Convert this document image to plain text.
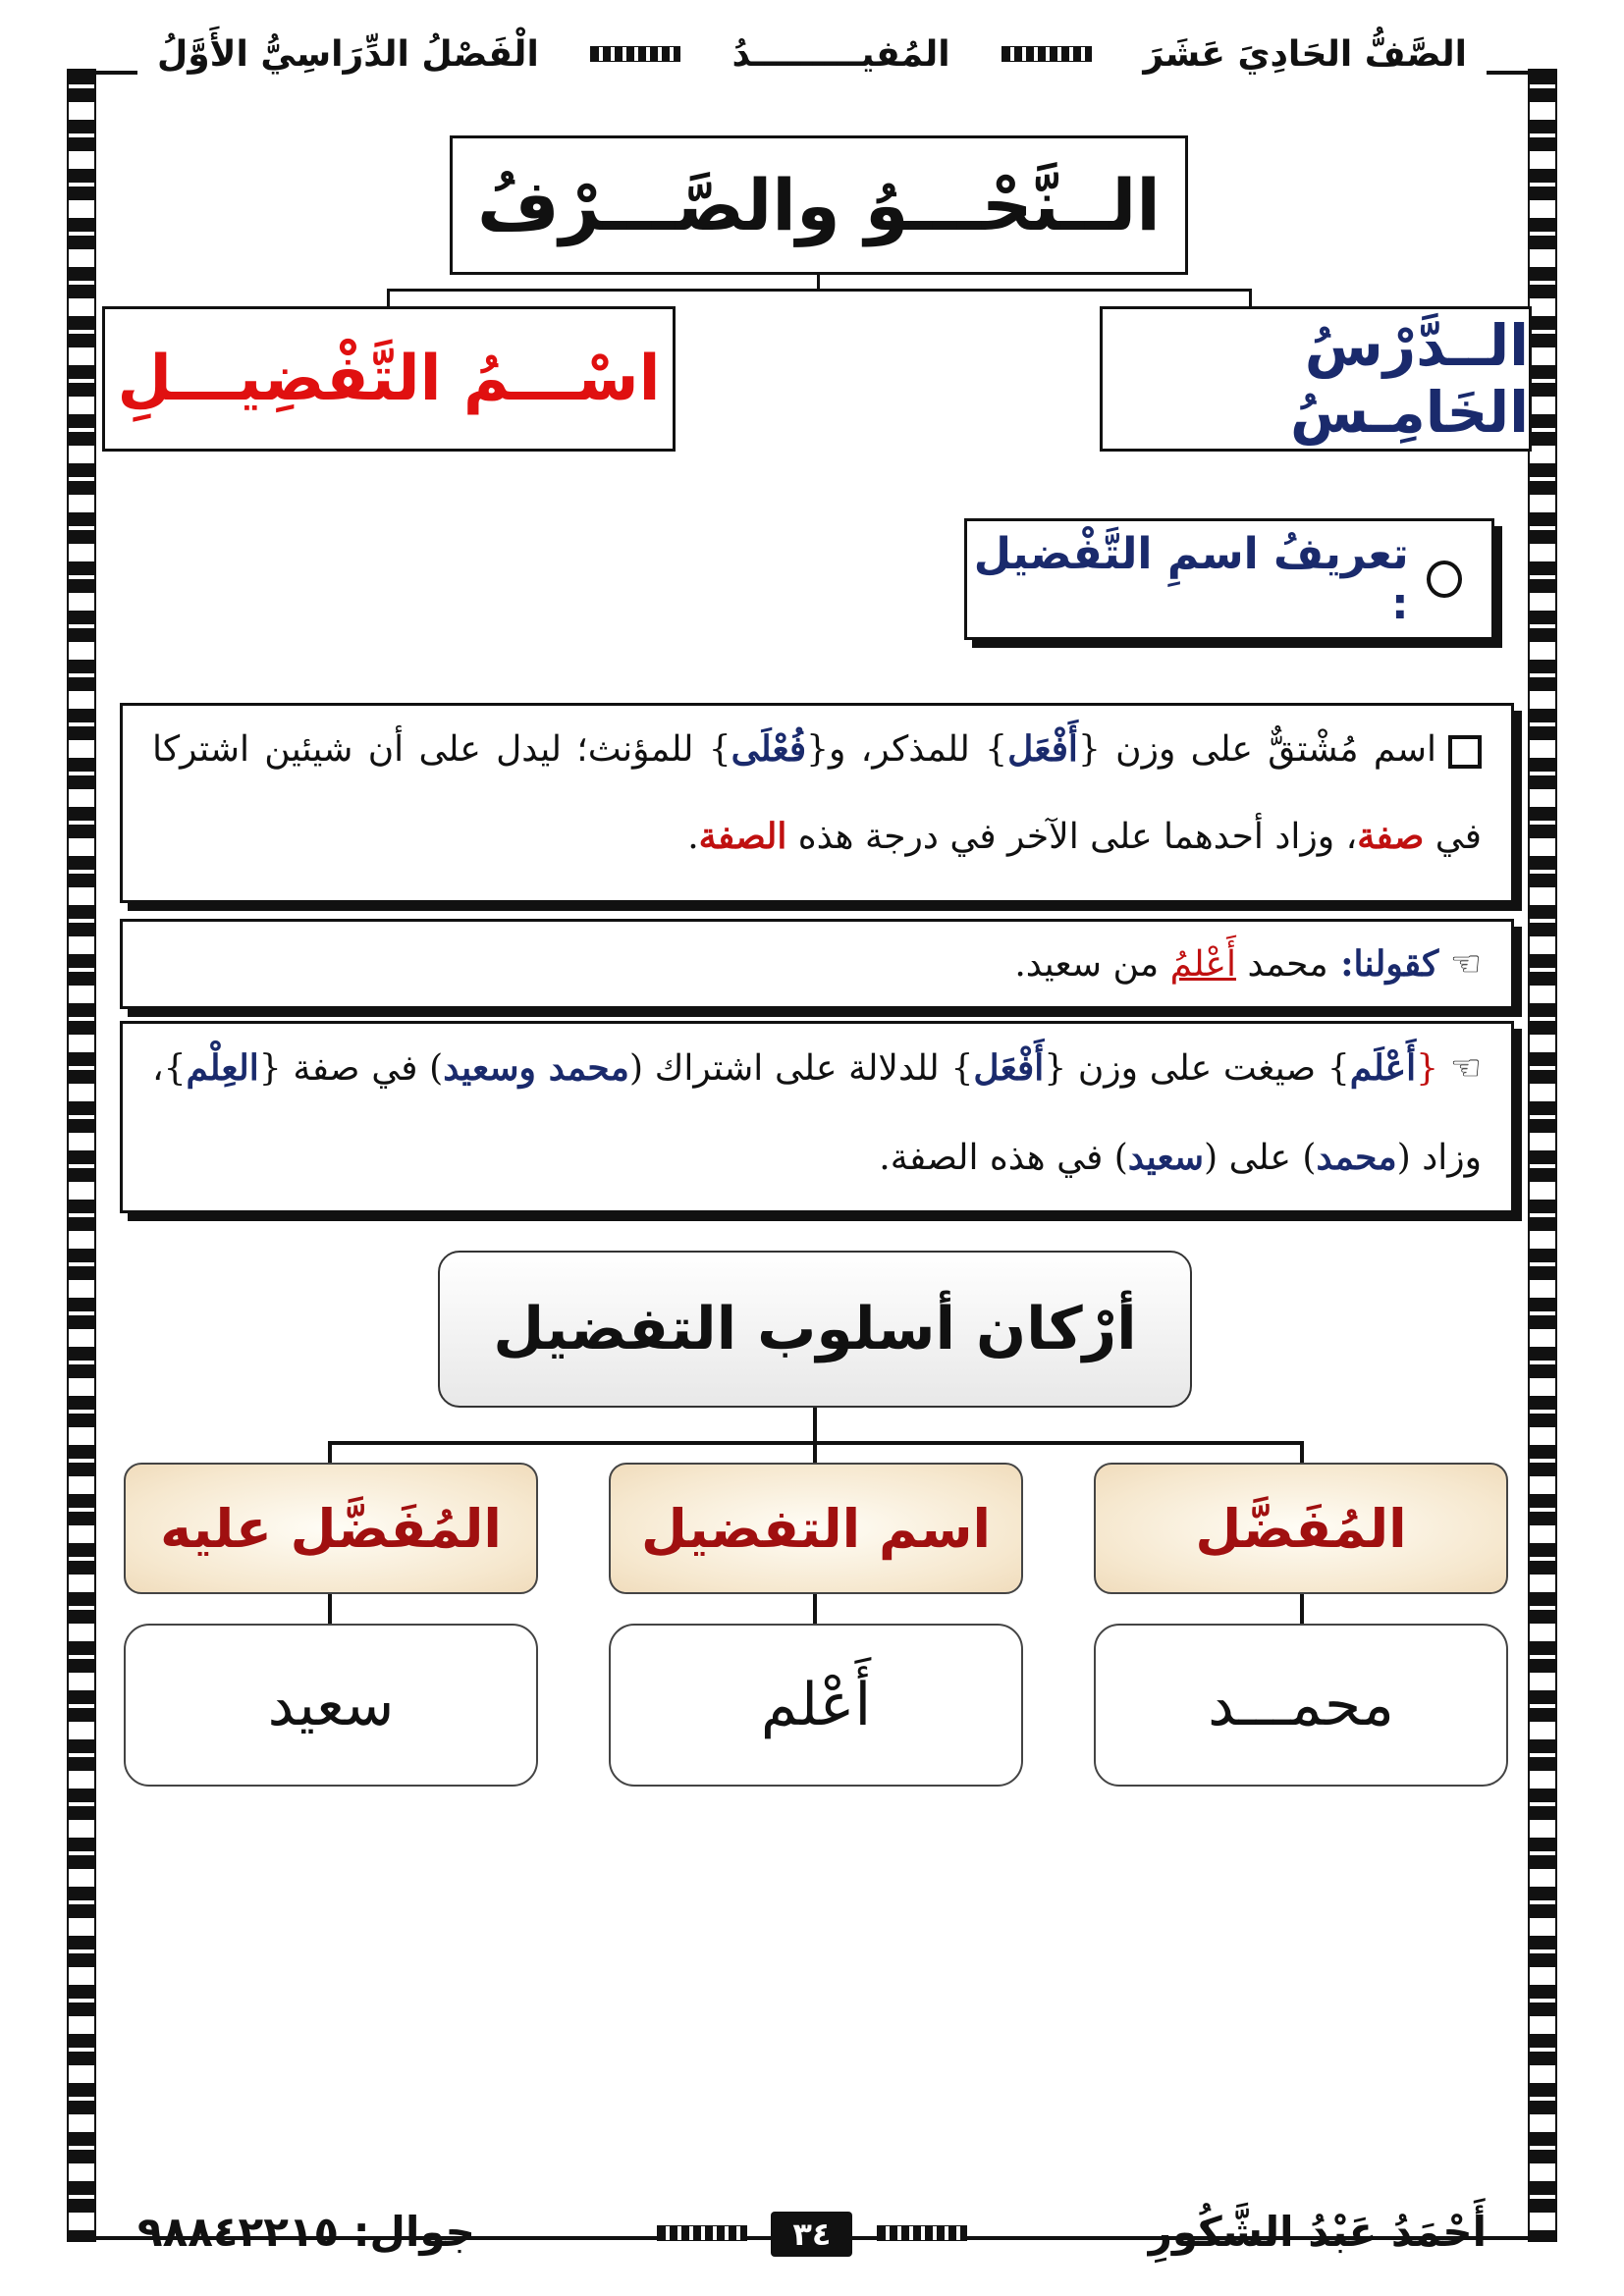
الصَّفُّ الحَادِيَ عَشَرَ
المُفيـــــــــدُ
الْفَصْلُ الدِّرَاسِيُّ الأَوَّلُ
الــنَّحْـــوُ والصَّـــرْفُ
الــدَّرْسُ الخَامِـسُ
اسْـــمُ التَّفْضِيـــلِ
تعريفُ اسمِ التَّفْضيل :
اسم مُشْتقٌّ على وزن {أَفْعَل} للمذكر، و{فُعْلَى} للمؤنث؛ ليدل على أن شيئين اشتركا في صفة، وزاد أحدهما على الآخر في درجة هذه الصفة.
☜ كقولنا: محمد أَعْلمُ من سعيد.
☜ {أَعْلَم} صيغت على وزن {أَفْعَل} للدلالة على اشتراك (محمد وسعيد) في صفة {العِلْم}، وزاد (محمد) على (سعيد) في هذه الصفة.
أرْكان أسلوب التفضيل
المُفَضَّل
اسم التفضيل
المُفَضَّل عليه
محمـــد
أَعْلم
سعيد
أَحْمَدُ عَبْدُ الشَّكُورِ
٣٤
جوال: ٩٨٨٤٢٢١٥
